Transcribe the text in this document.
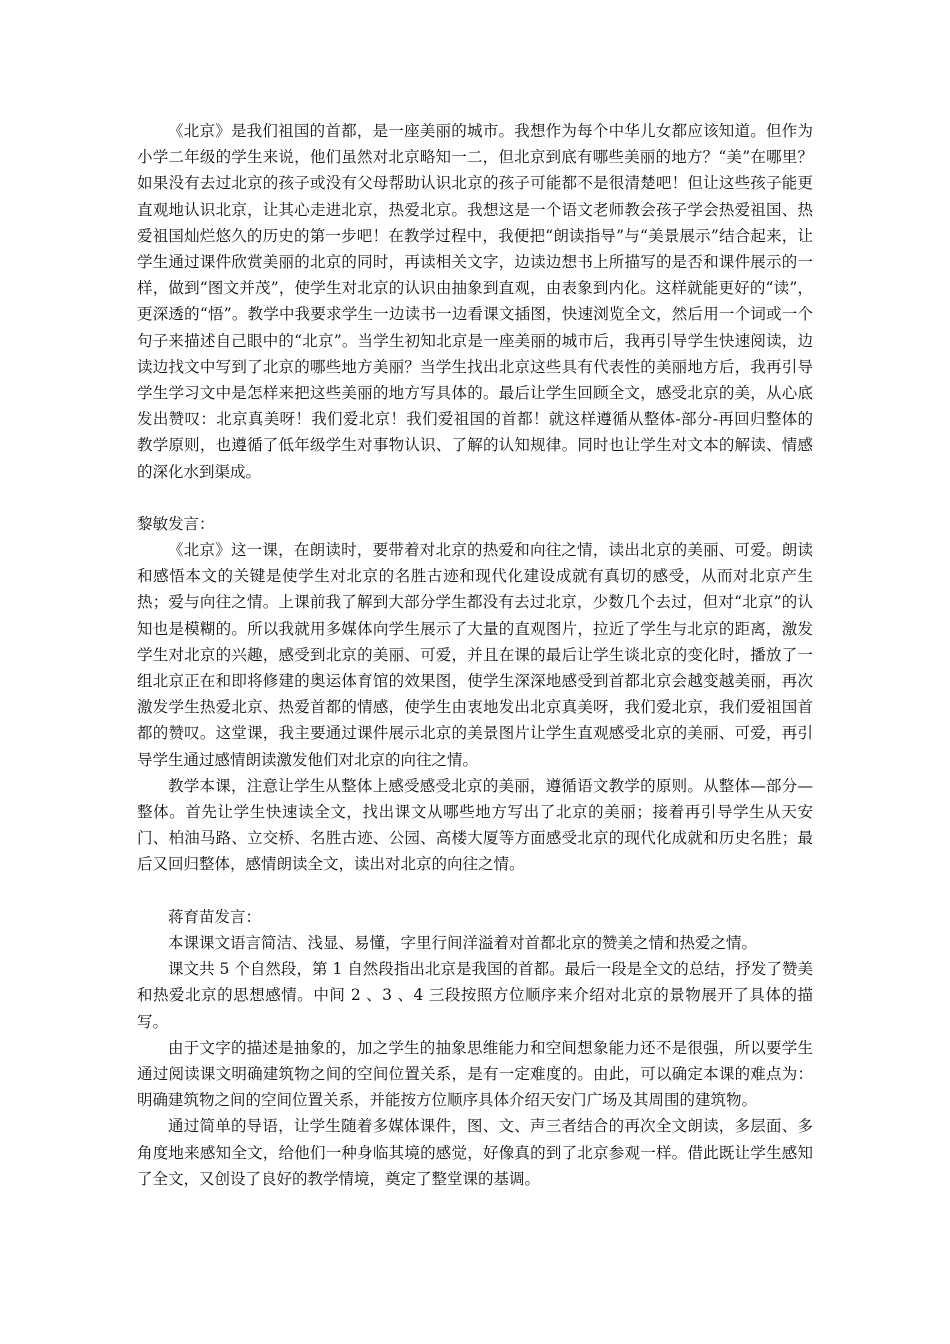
《北京》是我们祖国的首都，是一座美丽的城市。我想作为每个中华儿女都应该知道。但作为小学二年级的学生来说，他们虽然对北京略知一二，但北京到底有哪些美丽的地方？“美”在哪里？如果没有去过北京的孩子或没有父母帮助认识北京的孩子可能都不是很清楚吧！但让这些孩子能更直观地认识北京，让其心走进北京，热爱北京。我想这是一个语文老师教会孩子学会热爱祖国、热爱祖国灿烂悠久的历史的第一步吧！在教学过程中，我便把“朗读指导”与“美景展示”结合起来，让学生通过课件欣赏美丽的北京的同时，再读相关文字，边读边想书上所描写的是否和课件展示的一样，做到“图文并茂”，使学生对北京的认识由抽象到直观，由表象到内化。这样就能更好的“读”，更深透的“悟”。教学中我要求学生一边读书一边看课文插图，快速浏览全文，然后用一个词或一个句子来描述自己眼中的“北京”。当学生初知北京是一座美丽的城市后，我再引导学生快速阅读，边读边找文中写到了北京的哪些地方美丽？当学生找出北京这些具有代表性的美丽地方后，我再引导学生学习文中是怎样来把这些美丽的地方写具体的。最后让学生回顾全文，感受北京的美，从心底发出赞叹：北京真美呀！我们爱北京！我们爱祖国的首都！就这样遵循从整体-部分-再回归整体的教学原则，也遵循了低年级学生对事物认识、了解的认知规律。同时也让学生对文本的解读、情感的深化水到渠成。

黎敏发言：

《北京》这一课，在朗读时，要带着对北京的热爱和向往之情，读出北京的美丽、可爱。朗读和感悟本文的关键是使学生对北京的名胜古迹和现代化建设成就有真切的感受，从而对北京产生热；爱与向往之情。上课前我了解到大部分学生都没有去过北京，少数几个去过，但对“北京”的认知也是模糊的。所以我就用多媒体向学生展示了大量的直观图片，拉近了学生与北京的距离，激发学生对北京的兴趣，感受到北京的美丽、可爱，并且在课的最后让学生谈北京的变化时，播放了一组北京正在和即将修建的奥运体育馆的效果图，使学生深深地感受到首都北京会越变越美丽，再次激发学生热爱北京、热爱首都的情感，使学生由衷地发出北京真美呀，我们爱北京，我们爱祖国首都的赞叹。这堂课，我主要通过课件展示北京的美景图片让学生直观感受北京的美丽、可爱，再引导学生通过感情朗读激发他们对北京的向往之情。

教学本课，注意让学生从整体上感受感受北京的美丽，遵循语文教学的原则。从整体—部分—整体。首先让学生快速读全文，找出课文从哪些地方写出了北京的美丽；接着再引导学生从天安门、柏油马路、立交桥、名胜古迹、公园、高楼大厦等方面感受北京的现代化成就和历史名胜；最后又回归整体，感情朗读全文，读出对北京的向往之情。

蒋育苗发言：

本课课文语言简洁、浅显、易懂，字里行间洋溢着对首都北京的赞美之情和热爱之情。

课文共 5 个自然段，第 1 自然段指出北京是我国的首都。最后一段是全文的总结，抒发了赞美和热爱北京的思想感情。中间 2 、3 、4 三段按照方位顺序来介绍对北京的景物展开了具体的描写。

由于文字的描述是抽象的，加之学生的抽象思维能力和空间想象能力还不是很强，所以要学生通过阅读课文明确建筑物之间的空间位置关系，是有一定难度的。由此，可以确定本课的难点为：明确建筑物之间的空间位置关系，并能按方位顺序具体介绍天安门广场及其周围的建筑物。

通过简单的导语，让学生随着多媒体课件，图、文、声三者结合的再次全文朗读，多层面、多角度地来感知全文，给他们一种身临其境的感觉，好像真的到了北京参观一样。借此既让学生感知了全文，又创设了良好的教学情境，奠定了整堂课的基调。
